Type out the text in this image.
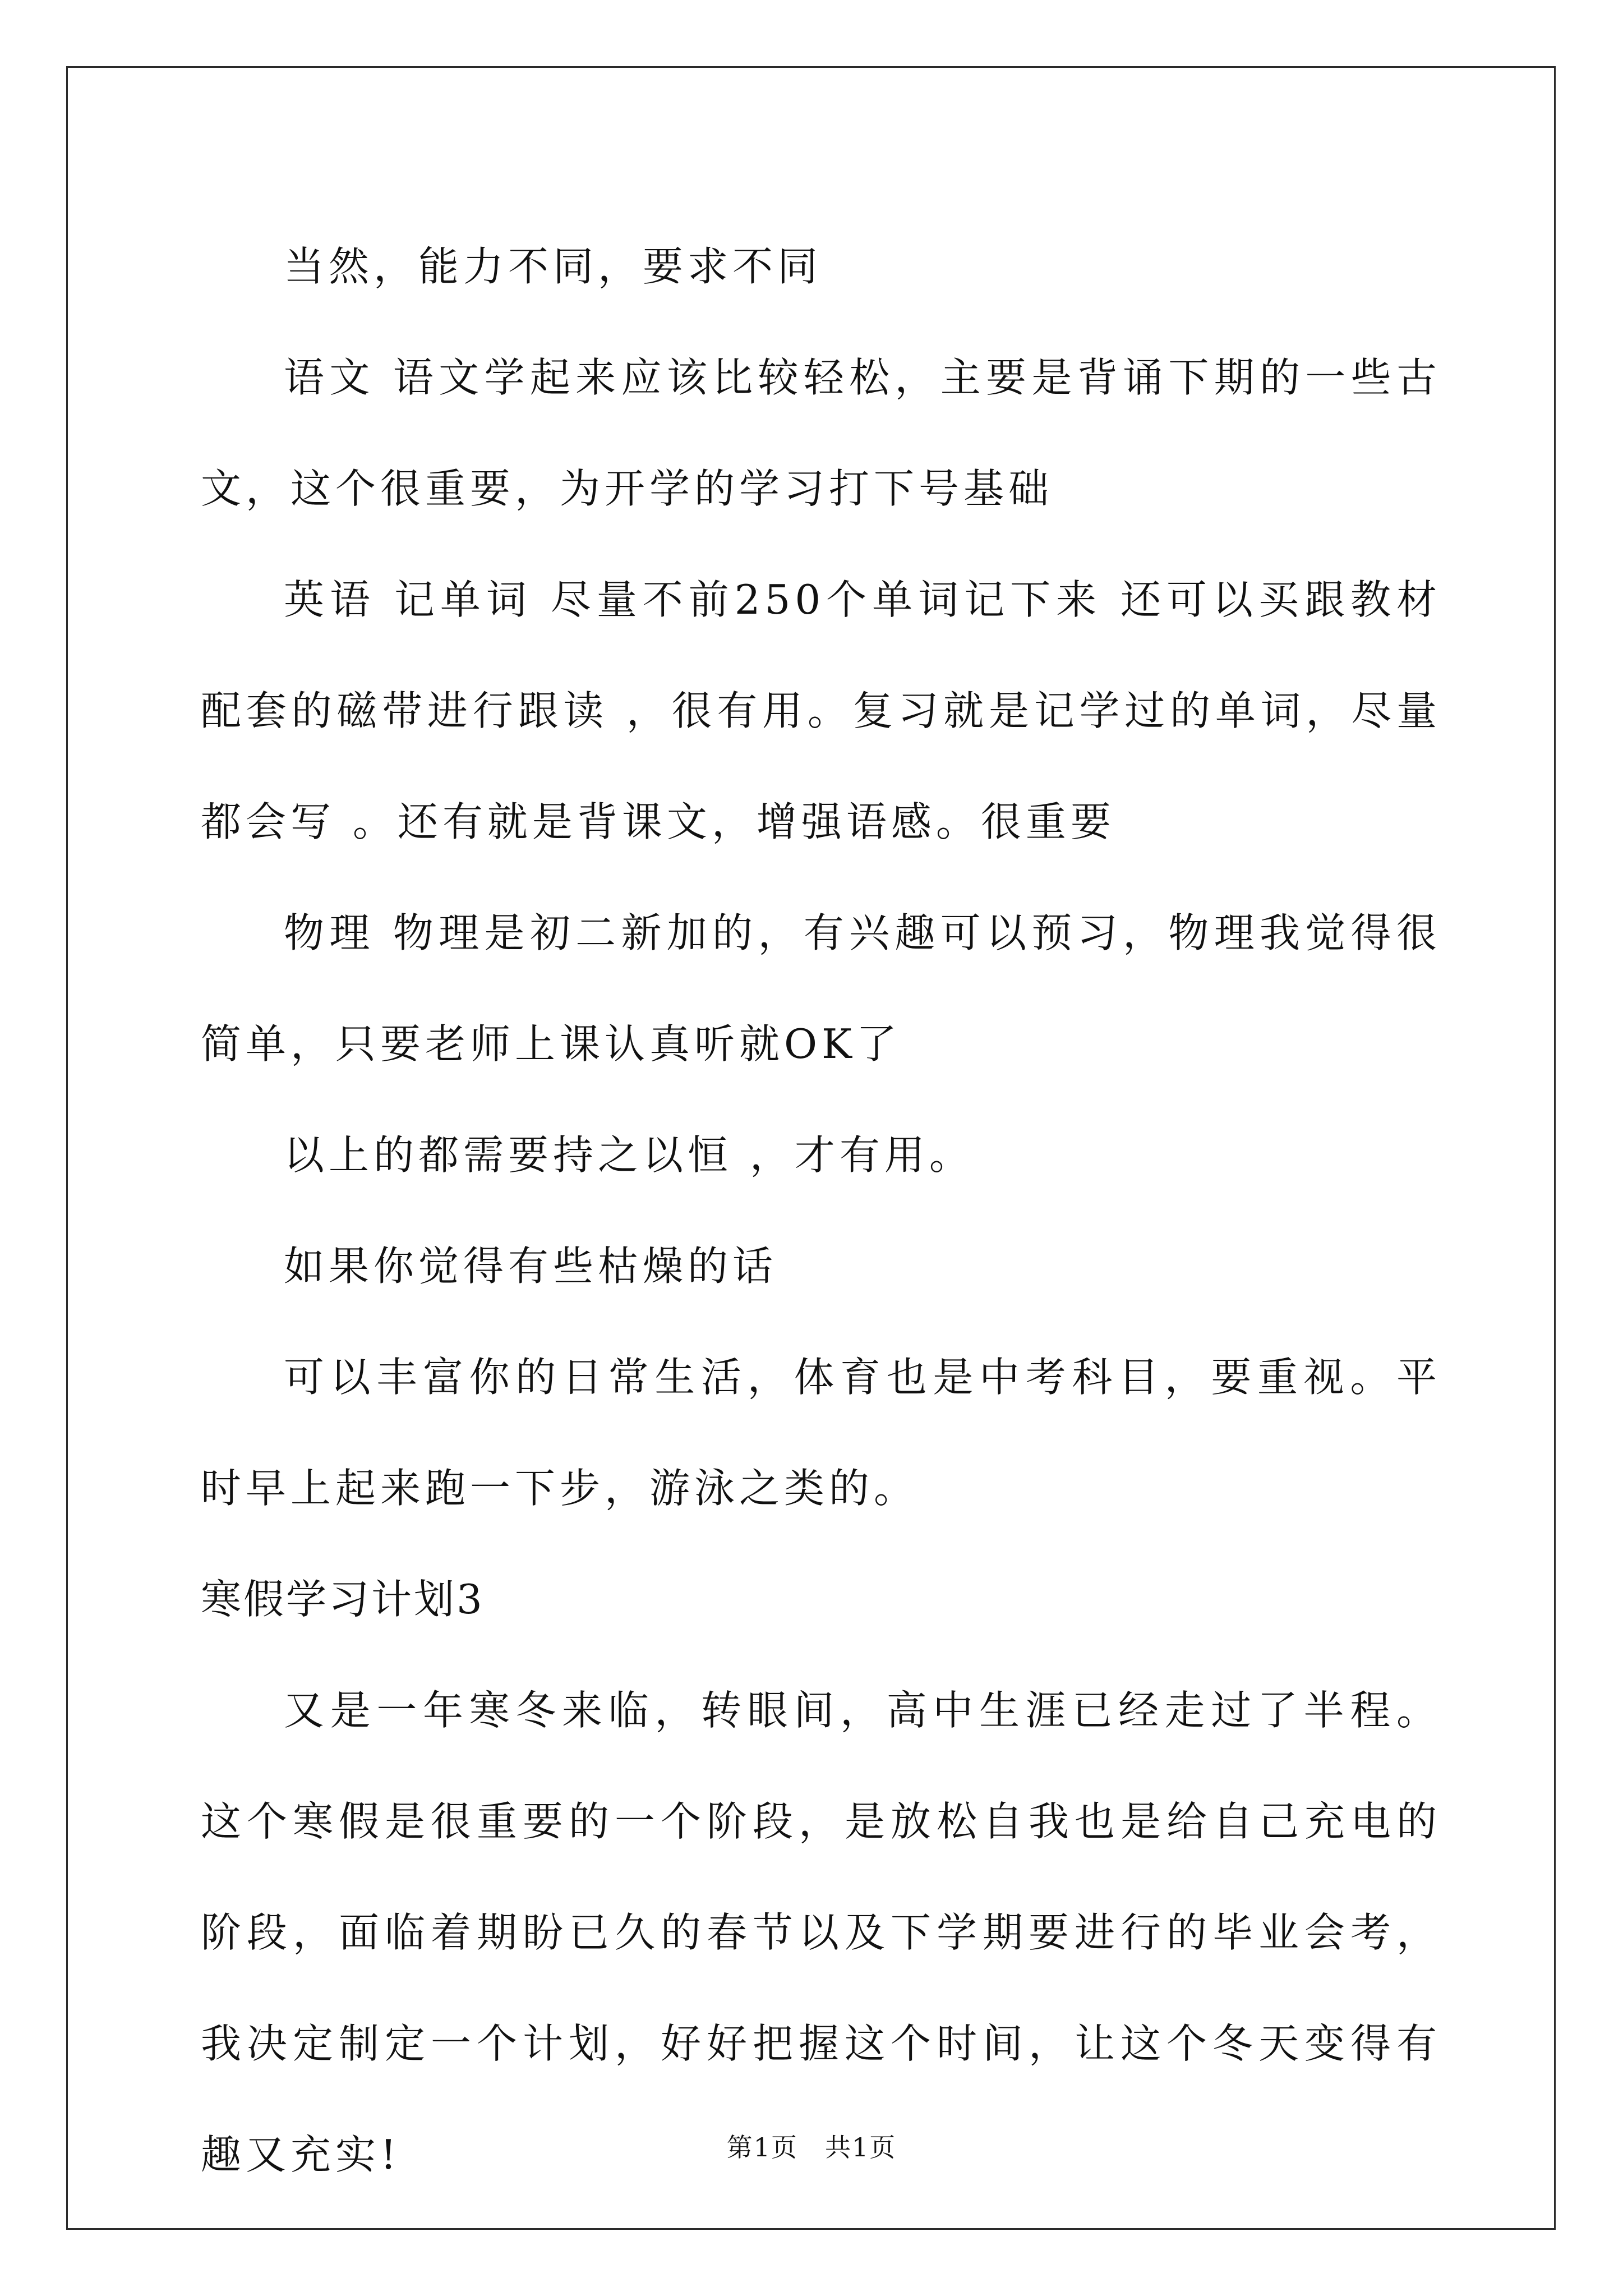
当然，能力不同，要求不同

语文 语文学起来应该比较轻松，主要是背诵下期的一些古文，这个很重要，为开学的学习打下号基础

英语 记单词 尽量不前250个单词记下来 还可以买跟教材配套的磁带进行跟读 ，很有用。复习就是记学过的单词，尽量都会写 。还有就是背课文，增强语感。很重要

物理 物理是初二新加的，有兴趣可以预习，物理我觉得很简单，只要老师上课认真听就OK了

以上的都需要持之以恒 ，才有用。

如果你觉得有些枯燥的话

可以丰富你的日常生活，体育也是中考科目，要重视。平时早上起来跑一下步，游泳之类的。

寒假学习计划3

又是一年寒冬来临，转眼间，高中生涯已经走过了半程。这个寒假是很重要的一个阶段，是放松自我也是给自己充电的阶段，面临着期盼已久的春节以及下学期要进行的毕业会考，我决定制定一个计划，好好把握这个时间，让这个冬天变得有趣又充实!	第1页　共1页
